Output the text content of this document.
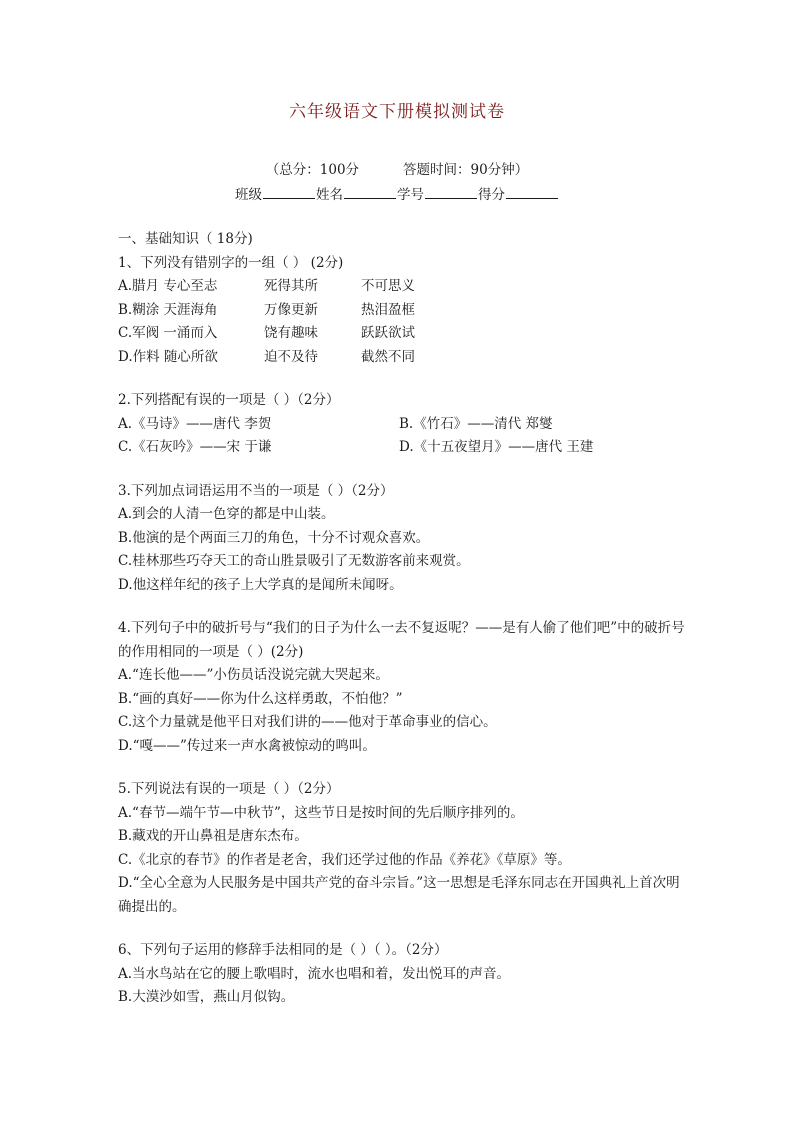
六年级语文下册模拟测试卷
（总分：100分	答题时间：90分钟）
班级	姓名	学号	得分
一、基础知识（ 18分)
1、下列没有错别字的一组（ ） (2分)
A.腊月 专心至志	死得其所	不可思义
B.糊涂 天涯海角	万像更新	热泪盈框
C.军阀 一涌而入	饶有趣味	跃跃欲试
D.作料 随心所欲	迫不及待	截然不同
2.下列搭配有误的一项是（ ）（2分）
A.《马诗》——唐代 李贺	B.《竹石》——清代 郑燮
C.《石灰吟》——宋 于谦	D.《十五夜望月》——唐代 王建
3.下列加点词语运用不当的一项是（ ）（2分）
A.到会的人清一色穿的都是中山装。
B.他演的是个两面三刀的角色，十分不讨观众喜欢。
C.桂林那些巧夺天工的奇山胜景吸引了无数游客前来观赏。
D.他这样年纪的孩子上大学真的是闻所未闻呀。
4.下列句子中的破折号与“我们的日子为什么一去不复返呢？——是有人偷了他们吧”中的破折号的作用相同的一项是（ ）(2分)
A.“连长他——”小伤员话没说完就大哭起来。
B.“画的真好——你为什么这样勇敢，不怕他？”
C.这个力量就是他平日对我们讲的——他对于革命事业的信心。
D.“嘎——”传过来一声水禽被惊动的鸣叫。
5.下列说法有误的一项是（ ）（2分）
A.“春节—端午节—中秋节”，这些节日是按时间的先后顺序排列的。
B.藏戏的开山鼻祖是唐东杰布。
C.《北京的春节》的作者是老舍，我们还学过他的作品《养花》《草原》等。
D.“全心全意为人民服务是中国共产党的奋斗宗旨。”这一思想是毛泽东同志在开国典礼上首次明确提出的。
6、下列句子运用的修辞手法相同的是（ ）（ ）。（2分）
A.当水鸟站在它的腰上歌唱时，流水也唱和着，发出悦耳的声音。
B.大漠沙如雪，燕山月似钩。
